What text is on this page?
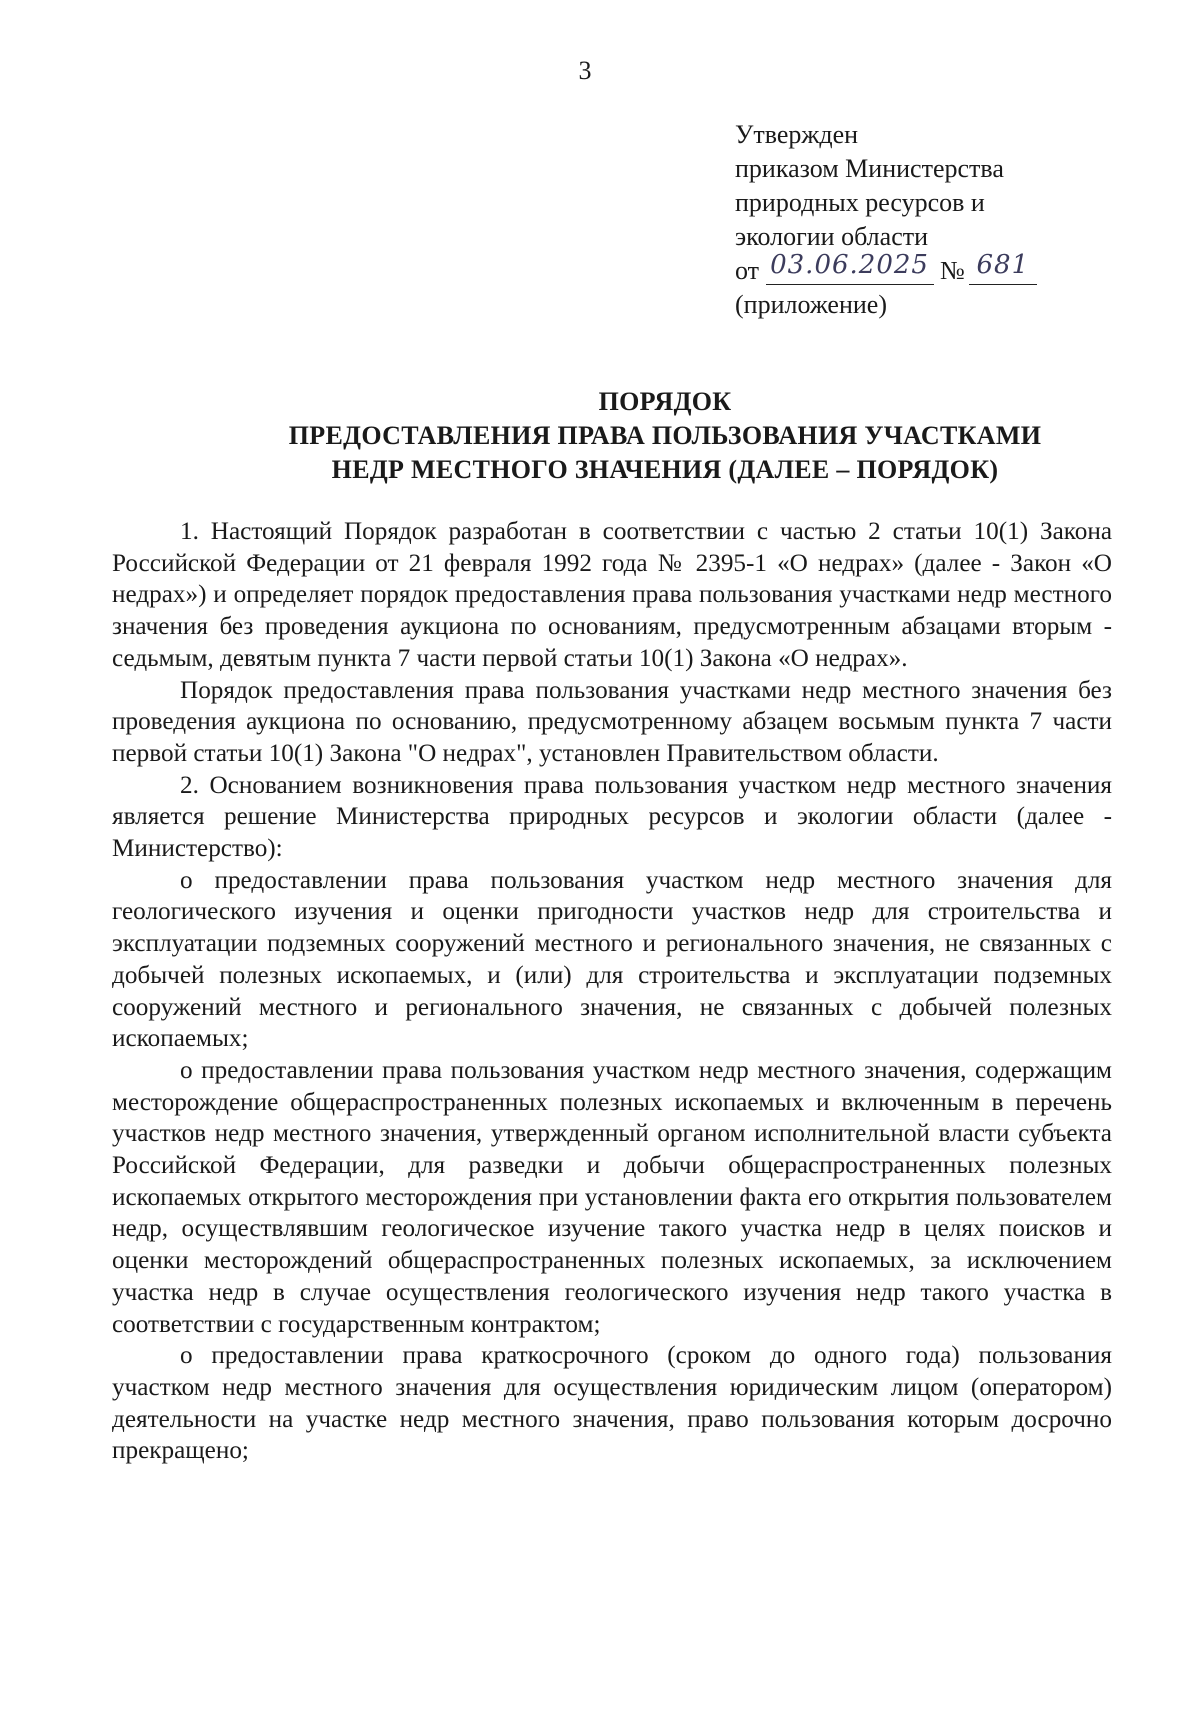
3
Утвержден
приказом Министерства
природных ресурсов и
экологии области
от 03.06.2025 № 681
(приложение)
ПОРЯДОК
ПРЕДОСТАВЛЕНИЯ ПРАВА ПОЛЬЗОВАНИЯ УЧАСТКАМИ
НЕДР МЕСТНОГО ЗНАЧЕНИЯ (ДАЛЕЕ – ПОРЯДОК)

1. Настоящий Порядок разработан в соответствии с частью 2 статьи 10(1) Закона Российской Федерации от 21 февраля 1992 года № 2395-1 «О недрах» (далее - Закон «О недрах») и определяет порядок предоставления права пользования участками недр местного значения без проведения аукциона по основаниям, предусмотренным абзацами вторым - седьмым, девятым пункта 7 части первой статьи 10(1) Закона «О недрах».

Порядок предоставления права пользования участками недр местного значения без проведения аукциона по основанию, предусмотренному абзацем восьмым пункта 7 части первой статьи 10(1) Закона "О недрах", установлен Правительством области.

2. Основанием возникновения права пользования участком недр местного значения является решение Министерства природных ресурсов и экологии области (далее - Министерство):

о предоставлении права пользования участком недр местного значения для геологического изучения и оценки пригодности участков недр для строительства и эксплуатации подземных сооружений местного и регионального значения, не связанных с добычей полезных ископаемых, и (или) для строительства и эксплуатации подземных сооружений местного и регионального значения, не связанных с добычей полезных ископаемых;

о предоставлении права пользования участком недр местного значения, содержащим месторождение общераспространенных полезных ископаемых и включенным в перечень участков недр местного значения, утвержденный органом исполнительной власти субъекта Российской Федерации, для разведки и добычи общераспространенных полезных ископаемых открытого месторождения при установлении факта его открытия пользователем недр, осуществлявшим геологическое изучение такого участка недр в целях поисков и оценки месторождений общераспространенных полезных ископаемых, за исключением участка недр в случае осуществления геологического изучения недр такого участка в соответствии с государственным контрактом;

о предоставлении права краткосрочного (сроком до одного года) пользования участком недр местного значения для осуществления юридическим лицом (оператором) деятельности на участке недр местного значения, право пользования которым досрочно прекращено;
